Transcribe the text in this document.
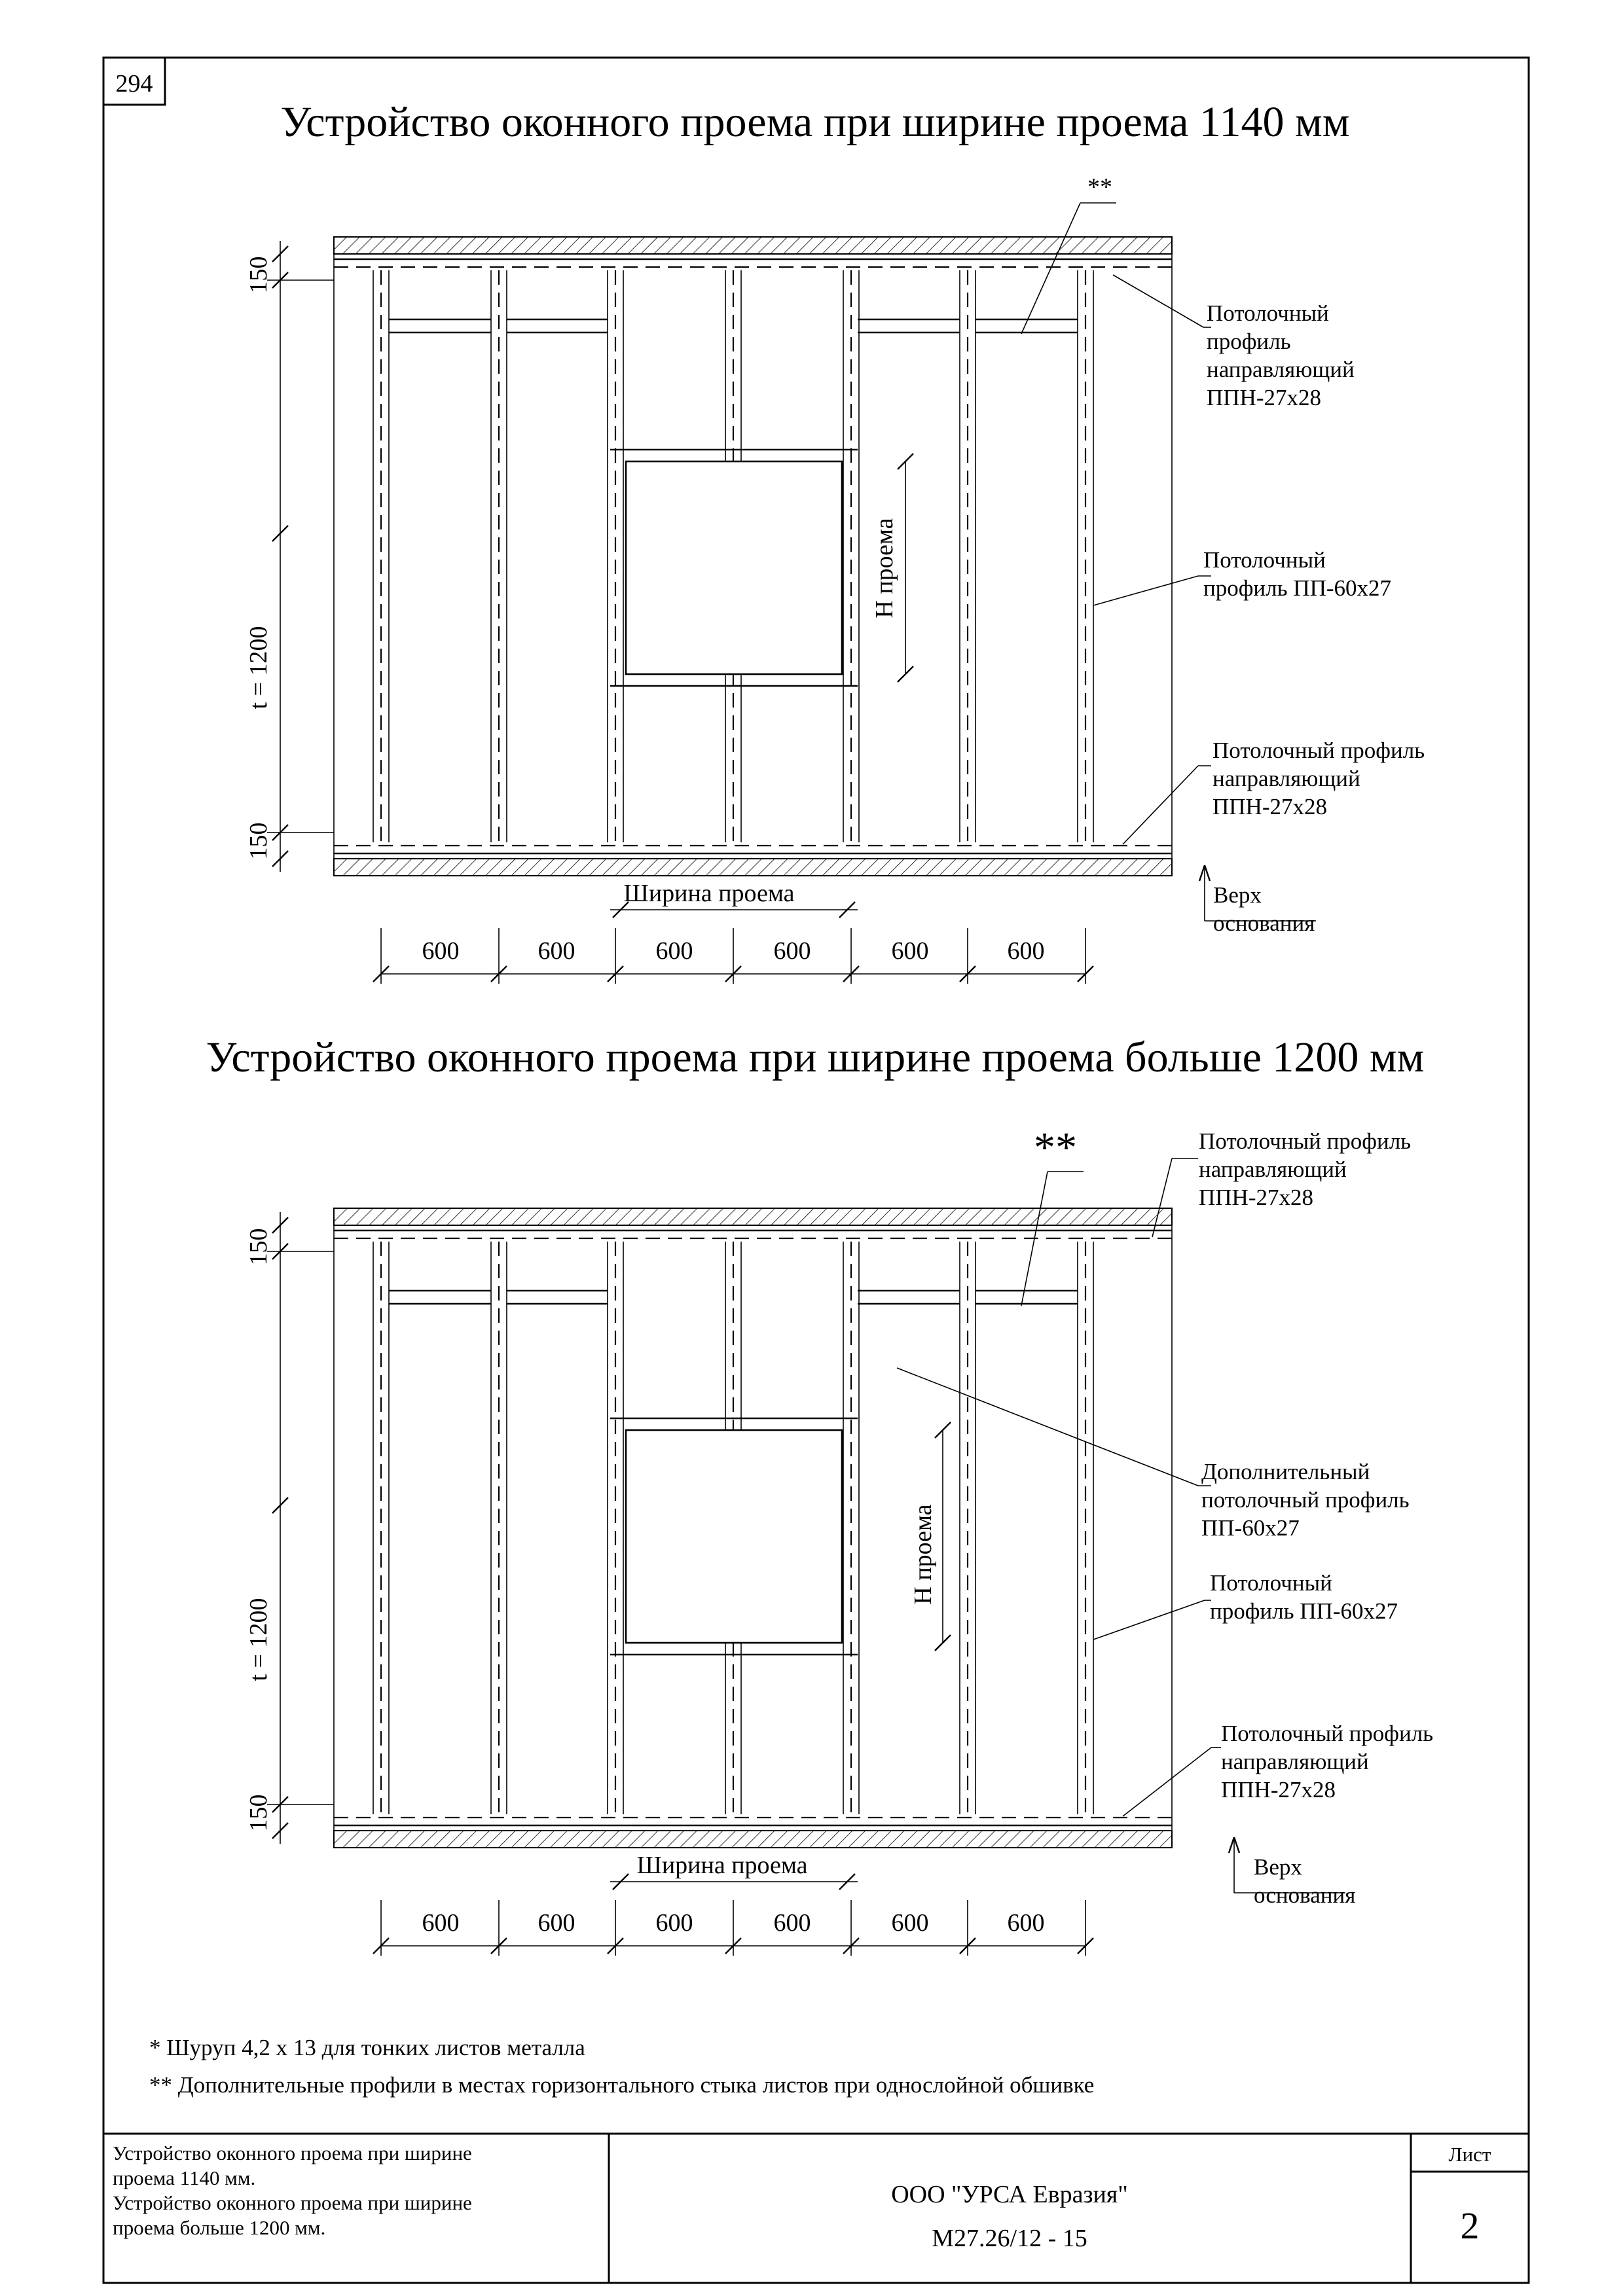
294
Устройство оконного проема при ширине проема 1140 мм
**
150
t = 1200
150
Н проема
Ширина проема
600	600	600	600	600	600
Потолочный
профиль
направляющий
ППН-27х28
Потолочный
профиль ПП-60х27
Потолочный профиль
направляющий
ППН-27х28
Верх
основания
Устройство оконного проема при ширине проема больше 1200 мм
**
150
t = 1200
150
Н проема
Ширина проема
600	600	600	600	600	600
Потолочный профиль
направляющий
ППН-27х28
Дополнительный
потолочный профиль
ПП-60х27
Потолочный
профиль ПП-60х27
Потолочный профиль
направляющий
ППН-27х28
Верх
основания
* Шуруп 4,2 х 13 для тонких листов металла
** Дополнительные профили в местах горизонтального стыка листов при однослойной обшивке
Устройство оконного проема при ширине
проема 1140 мм.
Устройство оконного проема при ширине
проема больше 1200 мм.
ООО "УРСА Евразия"
М27.26/12 - 15
Лист
2
